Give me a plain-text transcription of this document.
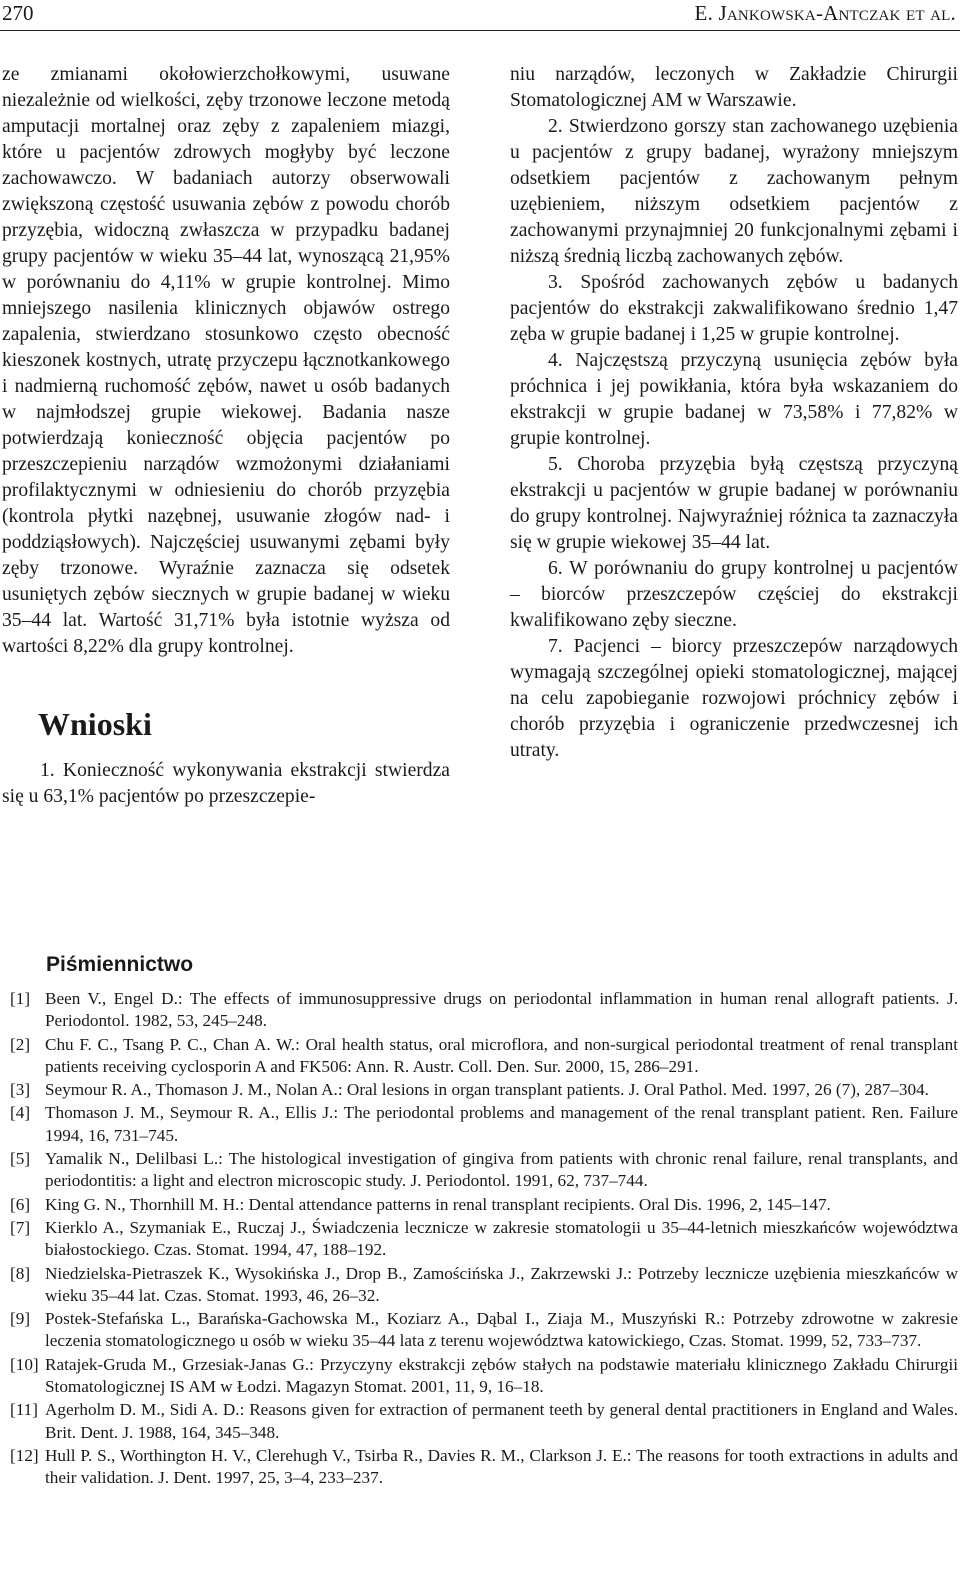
270	E. Jankowska-Antczak et al.

ze zmianami okołowierzchołkowymi, usuwane niezależnie od wielkości, zęby trzonowe leczone metodą amputacji mortalnej oraz zęby z zapaleniem miazgi, które u pacjentów zdrowych mogłyby być leczone zachowawczo. W badaniach autorzy obserwowali zwiększoną częstość usuwania zębów z powodu chorób przyzębia, widoczną zwłaszcza w przypadku badanej grupy pacjentów w wieku 35–44 lat, wynoszącą 21,95% w porównaniu do 4,11% w grupie kontrolnej. Mimo mniejszego nasilenia klinicznych objawów ostrego zapalenia, stwierdzano stosunkowo często obecność kieszonek kostnych, utratę przyczepu łącznotkankowego i nadmierną ruchomość zębów, nawet u osób badanych w najmłodszej grupie wiekowej. Badania nasze potwierdzają konieczność objęcia pacjentów po przeszczepieniu narządów wzmożonymi działaniami profilaktycznymi w odniesieniu do chorób przyzębia (kontrola płytki nazębnej, usuwanie złogów nad- i poddziąsłowych). Najczęściej usuwanymi zębami były zęby trzonowe. Wyraźnie zaznacza się odsetek usuniętych zębów siecznych w grupie badanej w wieku 35–44 lat. Wartość 31,71% była istotnie wyższa od wartości 8,22% dla grupy kontrolnej.

Wnioski

1. Konieczność wykonywania ekstrakcji stwierdza się u 63,1% pacjentów po przeszczepie-

niu narządów, leczonych w Zakładzie Chirurgii Stomatologicznej AM w Warszawie.

2. Stwierdzono gorszy stan zachowanego uzębienia u pacjentów z grupy badanej, wyrażony mniejszym odsetkiem pacjentów z zachowanym pełnym uzębieniem, niższym odsetkiem pacjentów z zachowanymi przynajmniej 20 funkcjonalnymi zębami i niższą średnią liczbą zachowanych zębów.

3. Spośród zachowanych zębów u badanych pacjentów do ekstrakcji zakwalifikowano średnio 1,47 zęba w grupie badanej i 1,25 w grupie kontrolnej.

4. Najczęstszą przyczyną usunięcia zębów była próchnica i jej powikłania, która była wskazaniem do ekstrakcji w grupie badanej w 73,58% i 77,82% w grupie kontrolnej.

5. Choroba przyzębia byłą częstszą przyczyną ekstrakcji u pacjentów w grupie badanej w porównaniu do grupy kontrolnej. Najwyraźniej różnica ta zaznaczyła się w grupie wiekowej 35–44 lat.

6. W porównaniu do grupy kontrolnej u pacjentów – biorców przeszczepów częściej do ekstrakcji kwalifikowano zęby sieczne.

7. Pacjenci – biorcy przeszczepów narządowych wymagają szczególnej opieki stomatologicznej, mającej na celu zapobieganie rozwojowi próchnicy zębów i chorób przyzębia i ograniczenie przedwczesnej ich utraty.

Piśmiennictwo
[1] Been V., Engel D.: The effects of immunosuppressive drugs on periodontal inflammation in human renal allograft patients. J. Periodontol. 1982, 53, 245–248.
[2] Chu F. C., Tsang P. C., Chan A. W.: Oral health status, oral microflora, and non-surgical periodontal treatment of renal transplant patients receiving cyclosporin A and FK506: Ann. R. Austr. Coll. Den. Sur. 2000, 15, 286–291.
[3] Seymour R. A., Thomason J. M., Nolan A.: Oral lesions in organ transplant patients. J. Oral Pathol. Med. 1997, 26 (7), 287–304.
[4] Thomason J. M., Seymour R. A., Ellis J.: The periodontal problems and management of the renal transplant patient. Ren. Failure 1994, 16, 731–745.
[5] Yamalik N., Delilbasi L.: The histological investigation of gingiva from patients with chronic renal failure, renal transplants, and periodontitis: a light and electron microscopic study. J. Periodontol. 1991, 62, 737–744.
[6] King G. N., Thornhill M. H.: Dental attendance patterns in renal transplant recipients. Oral Dis. 1996, 2, 145–147.
[7] Kierklo A., Szymaniak E., Ruczaj J., Świadczenia lecznicze w zakresie stomatologii u 35–44-letnich mieszkańców województwa białostockiego. Czas. Stomat. 1994, 47, 188–192.
[8] Niedzielska-Pietraszek K., Wysokińska J., Drop B., Zamościńska J., Zakrzewski J.: Potrzeby lecznicze uzębienia mieszkańców w wieku 35–44 lat. Czas. Stomat. 1993, 46, 26–32.
[9] Postek-Stefańska L., Barańska-Gachowska M., Koziarz A., Dąbal I., Ziaja M., Muszyński R.: Potrzeby zdrowotne w zakresie leczenia stomatologicznego u osób w wieku 35–44 lata z terenu województwa katowickiego, Czas. Stomat. 1999, 52, 733–737.
[10] Ratajek-Gruda M., Grzesiak-Janas G.: Przyczyny ekstrakcji zębów stałych na podstawie materiału klinicznego Zakładu Chirurgii Stomatologicznej IS AM w Łodzi. Magazyn Stomat. 2001, 11, 9, 16–18.
[11] Agerholm D. M., Sidi A. D.: Reasons given for extraction of permanent teeth by general dental practitioners in England and Wales. Brit. Dent. J. 1988, 164, 345–348.
[12] Hull P. S., Worthington H. V., Clerehugh V., Tsirba R., Davies R. M., Clarkson J. E.: The reasons for tooth extractions in adults and their validation. J. Dent. 1997, 25, 3–4, 233–237.
